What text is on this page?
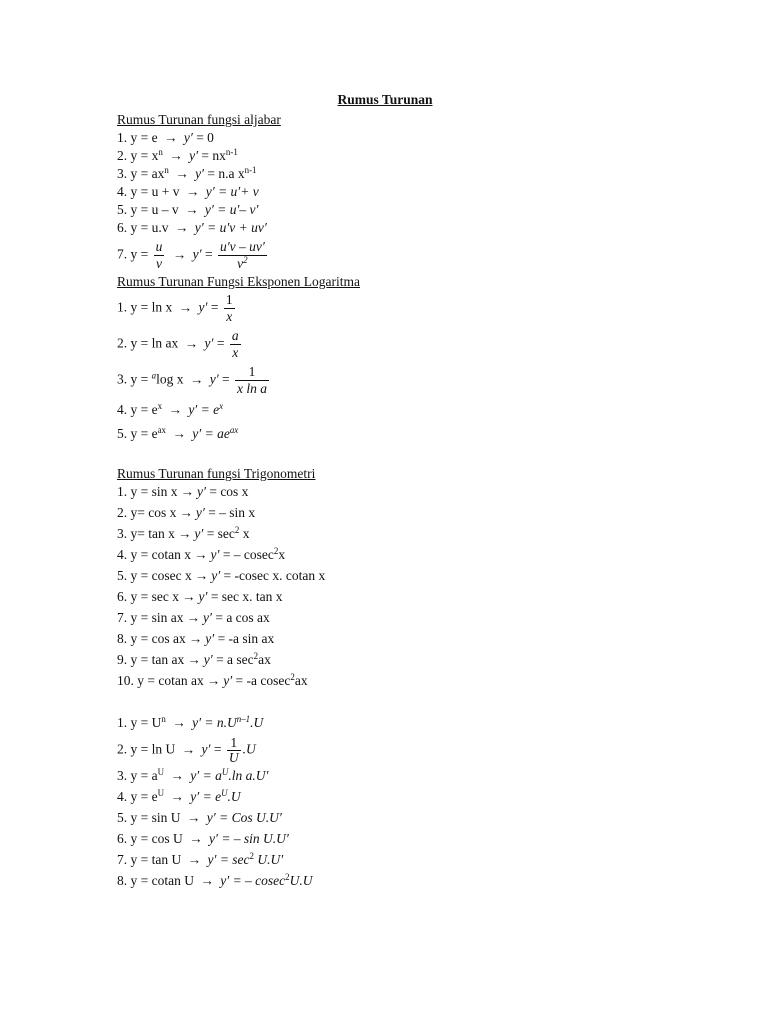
Rumus Turunan
Rumus Turunan fungsi aljabar
1. y = e → y′ = 0
2. $y = x^n \to y' = nx^{n-1}$
3. $y = ax^n \to y' = n.a$ $x^{n-1}$
4. y = u + v → y′ = u′+ v
5. y = u – v → y′ = u′– v′
6. y = u.v → y′ = u′v + uv′
7. $y = \frac{u}{v} \to y' = \frac{u'v - uv'}{v^2}$
Rumus Turunan Fungsi Eksponen Logaritma
1. $y = \ln x \to y' = \frac{1}{x}$
2. y = ln ax → $y' = \frac{a}{x}$
3. y = $^a$log $x \to y' = \frac{1}{\text{x ln a}}$
4. $y = e^x \to y' = e^x$
5. $y = e^{ax} \to y' = ae^{ax}$
Rumus Turunan fungsi Trigonometri
1. y = sin x → y′ = cos x
2. y= cos x → y′ = – sin x
3. $y= \tan x \to y' = \sec^2 x$
4. y = cotan x → y′ = – cosec$^2$x
5. y = cosec x → y′ = -cosec x. cotan x
6. y = sec x → y′ = sec x. tan x
7. y = sin ax → y′ = a cos ax
8. y = cos ax → y′ = -a sin ax
9. y = tan ax → y′ = a $\sec^2ax$
10. y = cotan ax → y′ = -a cosec$^2$ax
1. $y = U^n \to y' = n.U^{n-1}.U$
2. $y = \ln U \to y' = \frac{1}{U} .U$
3. $y = a^U \to y' = a^U.\ln$ a.U′
4. $y = e^U \to y' = e^U.U$
5. y = sin U → y′ = Cos U.U′
6. y = cos U → y′ = – sin U.U′
7. $y = \tan U \to y' = \sec^2 U.U'$
8. y = cotan U → y′ = – cosec$^2$U.U
